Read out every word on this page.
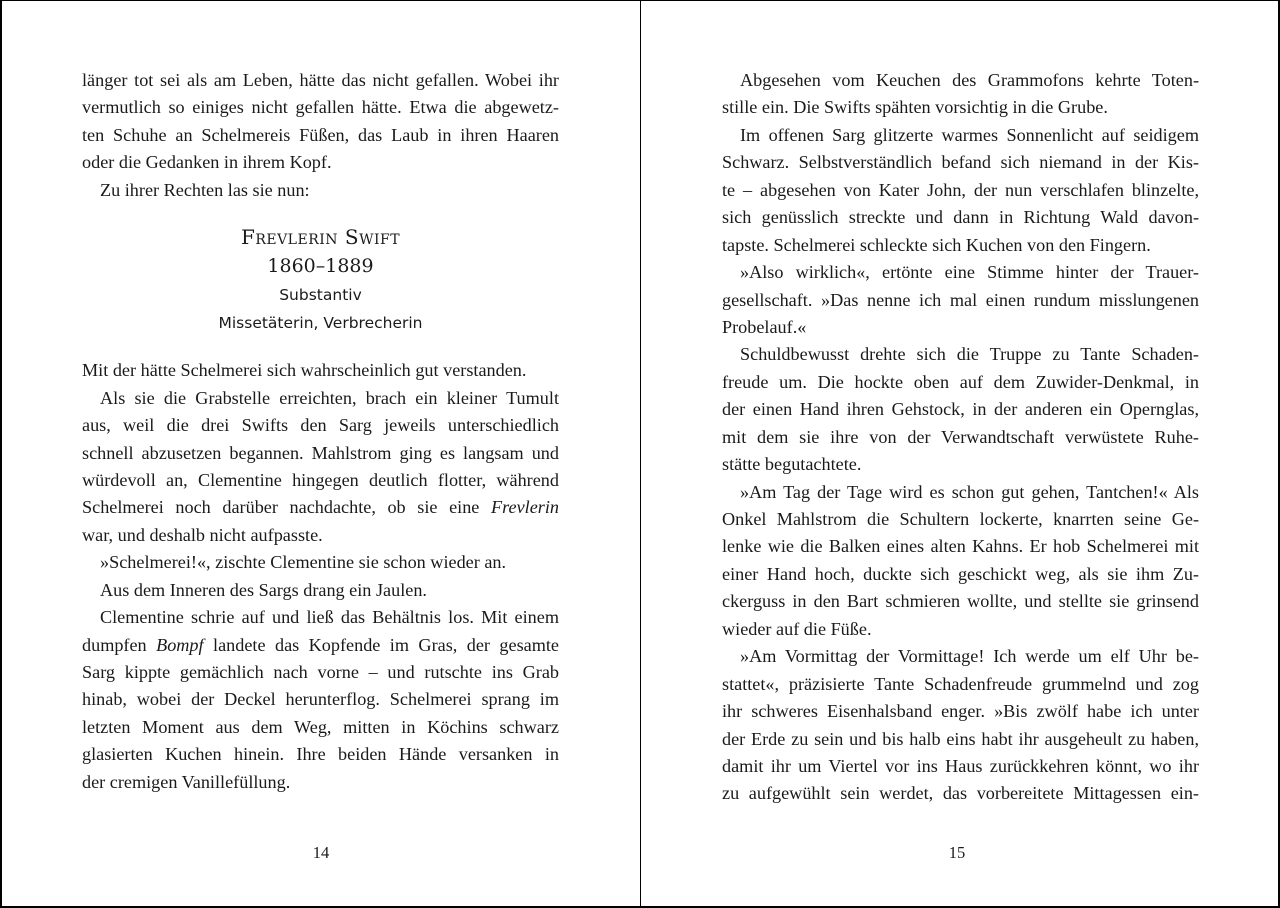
länger tot sei als am Leben, hätte das nicht gefallen. Wobei ihr
vermutlich so einiges nicht gefallen hätte. Etwa die abgewetz-
ten Schuhe an Schelmereis Füßen, das Laub in ihren Haaren
oder die Gedanken in ihrem Kopf.
Zu ihrer Rechten las sie nun:
Frevlerin Swift
1860–1889
Substantiv
Missetäterin, Verbrecherin
Mit der hätte Schelmerei sich wahrscheinlich gut verstanden.
Als sie die Grabstelle erreichten, brach ein kleiner Tumult
aus, weil die drei Swifts den Sarg jeweils unterschiedlich
schnell abzusetzen begannen. Mahlstrom ging es langsam und
würdevoll an, Clementine hingegen deutlich flotter, während
Schelmerei noch darüber nachdachte, ob sie eine Frevlerin
war, und deshalb nicht aufpasste.
»Schelmerei!«, zischte Clementine sie schon wieder an.
Aus dem Inneren des Sargs drang ein Jaulen.
Clementine schrie auf und ließ das Behältnis los. Mit einem
dumpfen Bompf landete das Kopfende im Gras, der gesamte
Sarg kippte gemächlich nach vorne – und rutschte ins Grab
hinab, wobei der Deckel herunterflog. Schelmerei sprang im
letzten Moment aus dem Weg, mitten in Köchins schwarz
glasierten Kuchen hinein. Ihre beiden Hände versanken in
der cremigen Vanillefüllung.
14
Abgesehen vom Keuchen des Grammofons kehrte Toten-
stille ein. Die Swifts spähten vorsichtig in die Grube.
Im offenen Sarg glitzerte warmes Sonnenlicht auf seidigem
Schwarz. Selbstverständlich befand sich niemand in der Kis-
te – abgesehen von Kater John, der nun verschlafen blinzelte,
sich genüsslich streckte und dann in Richtung Wald davon-
tapste. Schelmerei schleckte sich Kuchen von den Fingern.
»Also wirklich«, ertönte eine Stimme hinter der Trauer-
gesellschaft. »Das nenne ich mal einen rundum misslungenen
Probelauf.«
Schuldbewusst drehte sich die Truppe zu Tante Schaden-
freude um. Die hockte oben auf dem Zuwider-Denkmal, in
der einen Hand ihren Gehstock, in der anderen ein Opernglas,
mit dem sie ihre von der Verwandtschaft verwüstete Ruhe-
stätte begutachtete.
»Am Tag der Tage wird es schon gut gehen, Tantchen!« Als
Onkel Mahlstrom die Schultern lockerte, knarrten seine Ge-
lenke wie die Balken eines alten Kahns. Er hob Schelmerei mit
einer Hand hoch, duckte sich geschickt weg, als sie ihm Zu-
ckerguss in den Bart schmieren wollte, und stellte sie grinsend
wieder auf die Füße.
»Am Vormittag der Vormittage! Ich werde um elf Uhr be-
stattet«, präzisierte Tante Schadenfreude grummelnd und zog
ihr schweres Eisenhalsband enger. »Bis zwölf habe ich unter
der Erde zu sein und bis halb eins habt ihr ausgeheult zu haben,
damit ihr um Viertel vor ins Haus zurückkehren könnt, wo ihr
zu aufgewühlt sein werdet, das vorbereitete Mittagessen ein-
15
